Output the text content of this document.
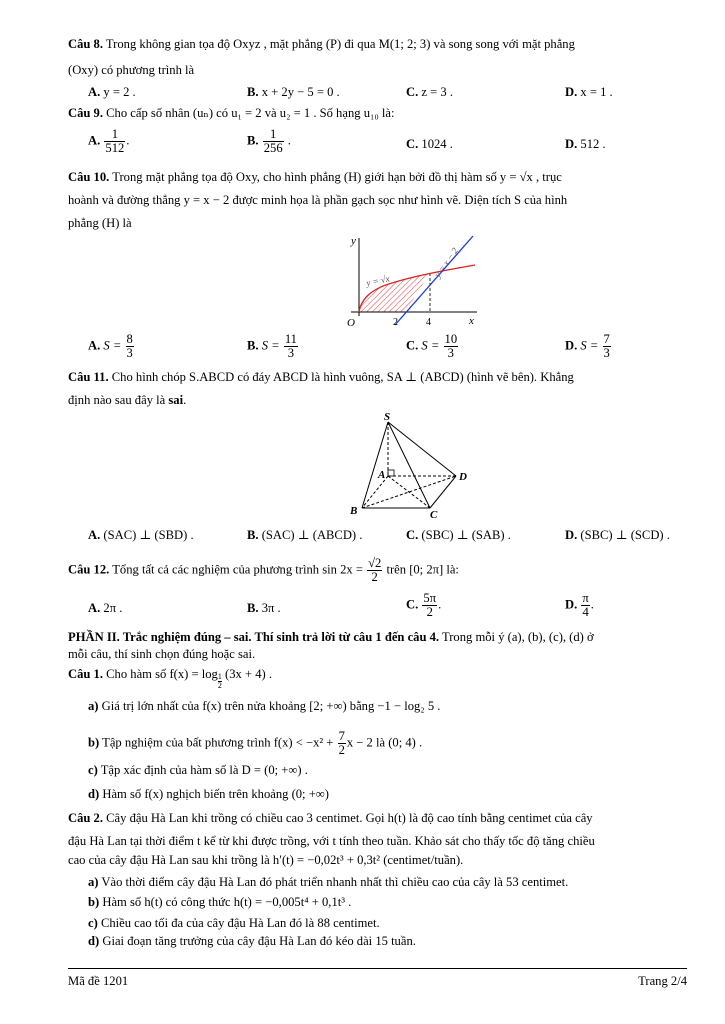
Câu 8. Trong không gian tọa độ Oxyz , mặt phẳng (P) đi qua M(1; 2; 3) và song song với mặt phẳng
(Oxy) có phương trình là
A. y = 2 .	B. x + 2y − 5 = 0 .	C. z = 3 .	D. x = 1 .
Câu 9. Cho cấp số nhân (uₙ) có u₁ = 2 và u₂ = 1 . Số hạng u₁₀ là:
A. $\frac{1}{512}$ .	B. $\frac{1}{256}$ .	C. 1024 .	D. 512 .
Câu 10. Trong mặt phẳng tọa độ Oxy, cho hình phẳng (H) giới hạn bởi đồ thị hàm số y = √x , trục
hoành và đường thẳng y = x − 2 được minh họa là phần gạch sọc như hình vẽ. Diện tích S của hình
phẳng (H) là
y
x
O	2	4
y = √x
y = x − 2
A. $S = \frac{8}{3}$	B. $S = \frac{11}{3}$	C. $S = \frac{10}{3}$	D. $S = \frac{7}{3}$
Câu 11. Cho hình chóp S.ABCD có đáy ABCD là hình vuông, SA ⊥ (ABCD) (hình vẽ bên). Khẳng
định nào sau đây là sai.
S
A
B	C
D
A. (SAC) ⊥ (SBD) .	B. (SAC) ⊥ (ABCD) .	C. (SBC) ⊥ (SAB) .	D. (SBC) ⊥ (SCD) .
Câu 12. Tổng tất cả các nghiệm của phương trình $\sin 2x = \frac{√2}{2}$ trên [0; 2π] là:
A. 2π .	B. 3π .	C. $\frac{5\pi}{2}$ .	D. $\frac{\pi}{4}$ .
PHẦN II. Trắc nghiệm đúng – sai. Thí sinh trả lời từ câu 1 đến câu 4. Trong mỗi ý (a), (b), (c), (d) ở
mỗi câu, thí sinh chọn đúng hoặc sai.
Câu 1. Cho hàm số $f(x) = \log \frac{1}{2} (3x + 4)$ .
a) Giá trị lớn nhất của f(x) trên nửa khoảng [2; +∞) bằng −1 − log₂ 5 .
b) Tập nghiệm của bất phương trình $f(x) < -x^2 + \frac{7}{2}$ x − 2 là (0; 4) .
c) Tập xác định của hàm số là D = (0; +∞) .
d) Hàm số f(x) nghịch biến trên khoảng (0; +∞)
Câu 2. Cây đậu Hà Lan khi trồng có chiều cao 3 centimet. Gọi h(t) là độ cao tính bằng centimet của cây
đậu Hà Lan tại thời điểm t kể từ khi được trồng, với t tính theo tuần. Khảo sát cho thấy tốc độ tăng chiều
cao của cây đậu Hà Lan sau khi trồng là h′(t) = −0,02t³ + 0,3t² (centimet/tuần).
a) Vào thời điểm cây đậu Hà Lan đó phát triển nhanh nhất thì chiều cao của cây là 53 centimet.
b) Hàm số h(t) có công thức h(t) = −0,005t⁴ + 0,1t³ .
c) Chiều cao tối đa của cây đậu Hà Lan đó là 88 centimet.
d) Giai đoạn tăng trưởng của cây đậu Hà Lan đó kéo dài 15 tuần.
Mã đề 1201	Trang 2/4
